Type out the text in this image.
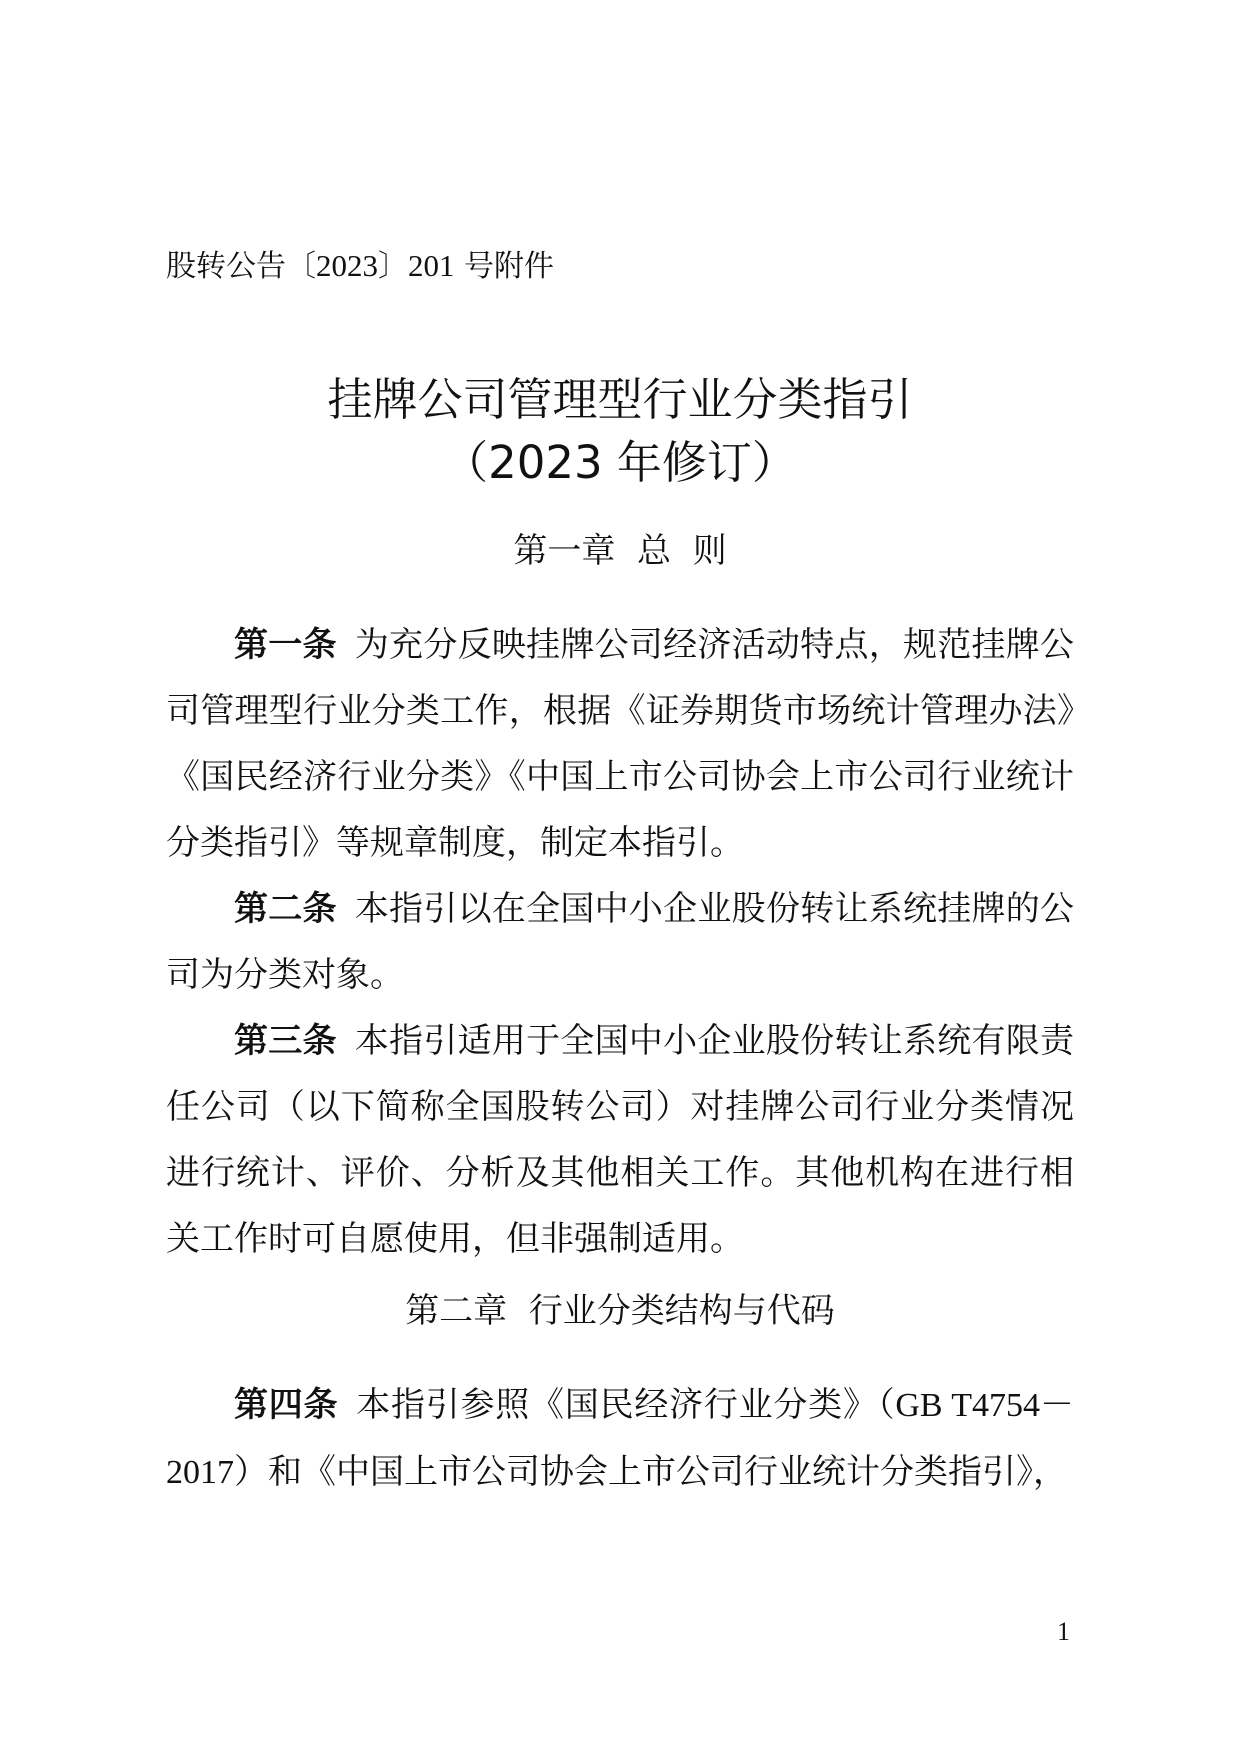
股转公告〔2023〕201 号附件
挂牌公司管理型行业分类指引
（2023 年修订）
第一章  总  则

第一条 为充分反映挂牌公司经济活动特点，规范挂牌公司管理型行业分类工作，根据《证券期货市场统计管理办法》《国民经济行业分类》《中国上市公司协会上市公司行业统计分类指引》等规章制度，制定本指引。

第二条 本指引以在全国中小企业股份转让系统挂牌的公司为分类对象。

第三条 本指引适用于全国中小企业股份转让系统有限责任公司（以下简称全国股转公司）对挂牌公司行业分类情况进行统计、评价、分析及其他相关工作。其他机构在进行相关工作时可自愿使用，但非强制适用。

第二章  行业分类结构与代码

第四条 本指引参照《国民经济行业分类》（GB T4754－2017）和《中国上市公司协会上市公司行业统计分类指引》，

1
